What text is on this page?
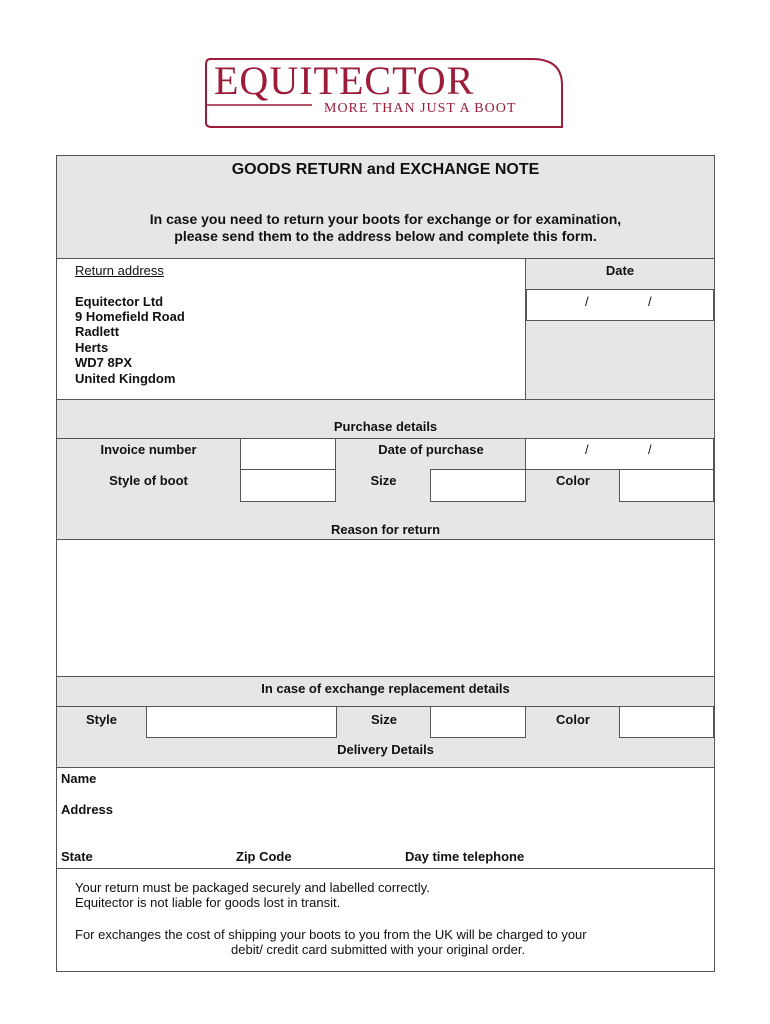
EQUITECTOR
MORE THAN JUST A BOOT
GOODS RETURN and EXCHANGE NOTE
In case you need to return your boots for exchange or for examination,
please send them to the address below and complete this form.
Return address	Date
/	/
Equitector Ltd
9 Homefield Road
Radlett
Herts
WD7 8PX
United Kingdom
Purchase details
Invoice number	Date of purchase	/	/
Style of boot	Size	Color
Reason for return
In case of exchange replacement details
Style	Size	Color
Delivery Details
Name
Address
State	Zip Code	Day time telephone
Your return must be packaged securely and labelled correctly.
Equitector is not liable for goods lost in transit.
For exchanges the cost of shipping your boots to you from the UK will be charged to your
debit/ credit card submitted with your original order.
